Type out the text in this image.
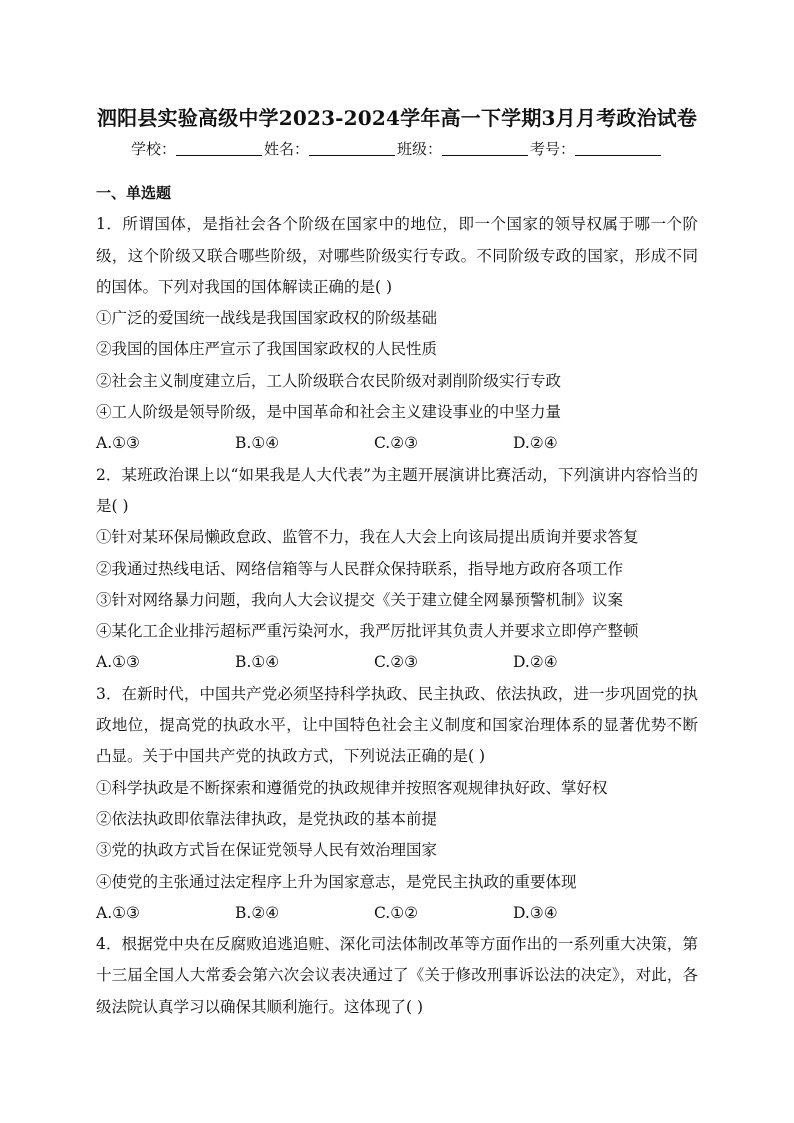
泗阳县实验高级中学2023-2024学年高一下学期3月月考政治试卷
学校：	姓名：	班级：	考号：
一、单选题
1．所谓国体，是指社会各个阶级在国家中的地位，即一个国家的领导权属于哪一个阶级，这个阶级又联合哪些阶级，对哪些阶级实行专政。不同阶级专政的国家，形成不同的国体。下列对我国的国体解读正确的是( )
①广泛的爱国统一战线是我国国家政权的阶级基础
②我国的国体庄严宣示了我国国家政权的人民性质
②社会主义制度建立后，工人阶级联合农民阶级对剥削阶级实行专政
④工人阶级是领导阶级，是中国革命和社会主义建设事业的中坚力量
A.①③	B.①④	C.②③	D.②④
2．某班政治课上以“如果我是人大代表”为主题开展演讲比赛活动，下列演讲内容恰当的是( )
①针对某环保局懒政怠政、监管不力，我在人大会上向该局提出质询并要求答复
②我通过热线电话、网络信箱等与人民群众保持联系，指导地方政府各项工作
③针对网络暴力问题，我向人大会议提交《关于建立健全网暴预警机制》议案
④某化工企业排污超标严重污染河水，我严厉批评其负责人并要求立即停产整顿
A.①③	B.①④	C.②③	D.②④
3．在新时代，中国共产党必须坚持科学执政、民主执政、依法执政，进一步巩固党的执政地位，提高党的执政水平，让中国特色社会主义制度和国家治理体系的显著优势不断凸显。关于中国共产党的执政方式，下列说法正确的是( )
①科学执政是不断探索和遵循党的执政规律并按照客观规律执好政、掌好权
②依法执政即依靠法律执政，是党执政的基本前提
③党的执政方式旨在保证党领导人民有效治理国家
④使党的主张通过法定程序上升为国家意志，是党民主执政的重要体现
A.①③	B.②④	C.①②	D.③④
4．根据党中央在反腐败追逃追赃、深化司法体制改革等方面作出的一系列重大决策，第十三届全国人大常委会第六次会议表决通过了《关于修改刑事诉讼法的决定》，对此，各级法院认真学习以确保其顺利施行。这体现了( )
